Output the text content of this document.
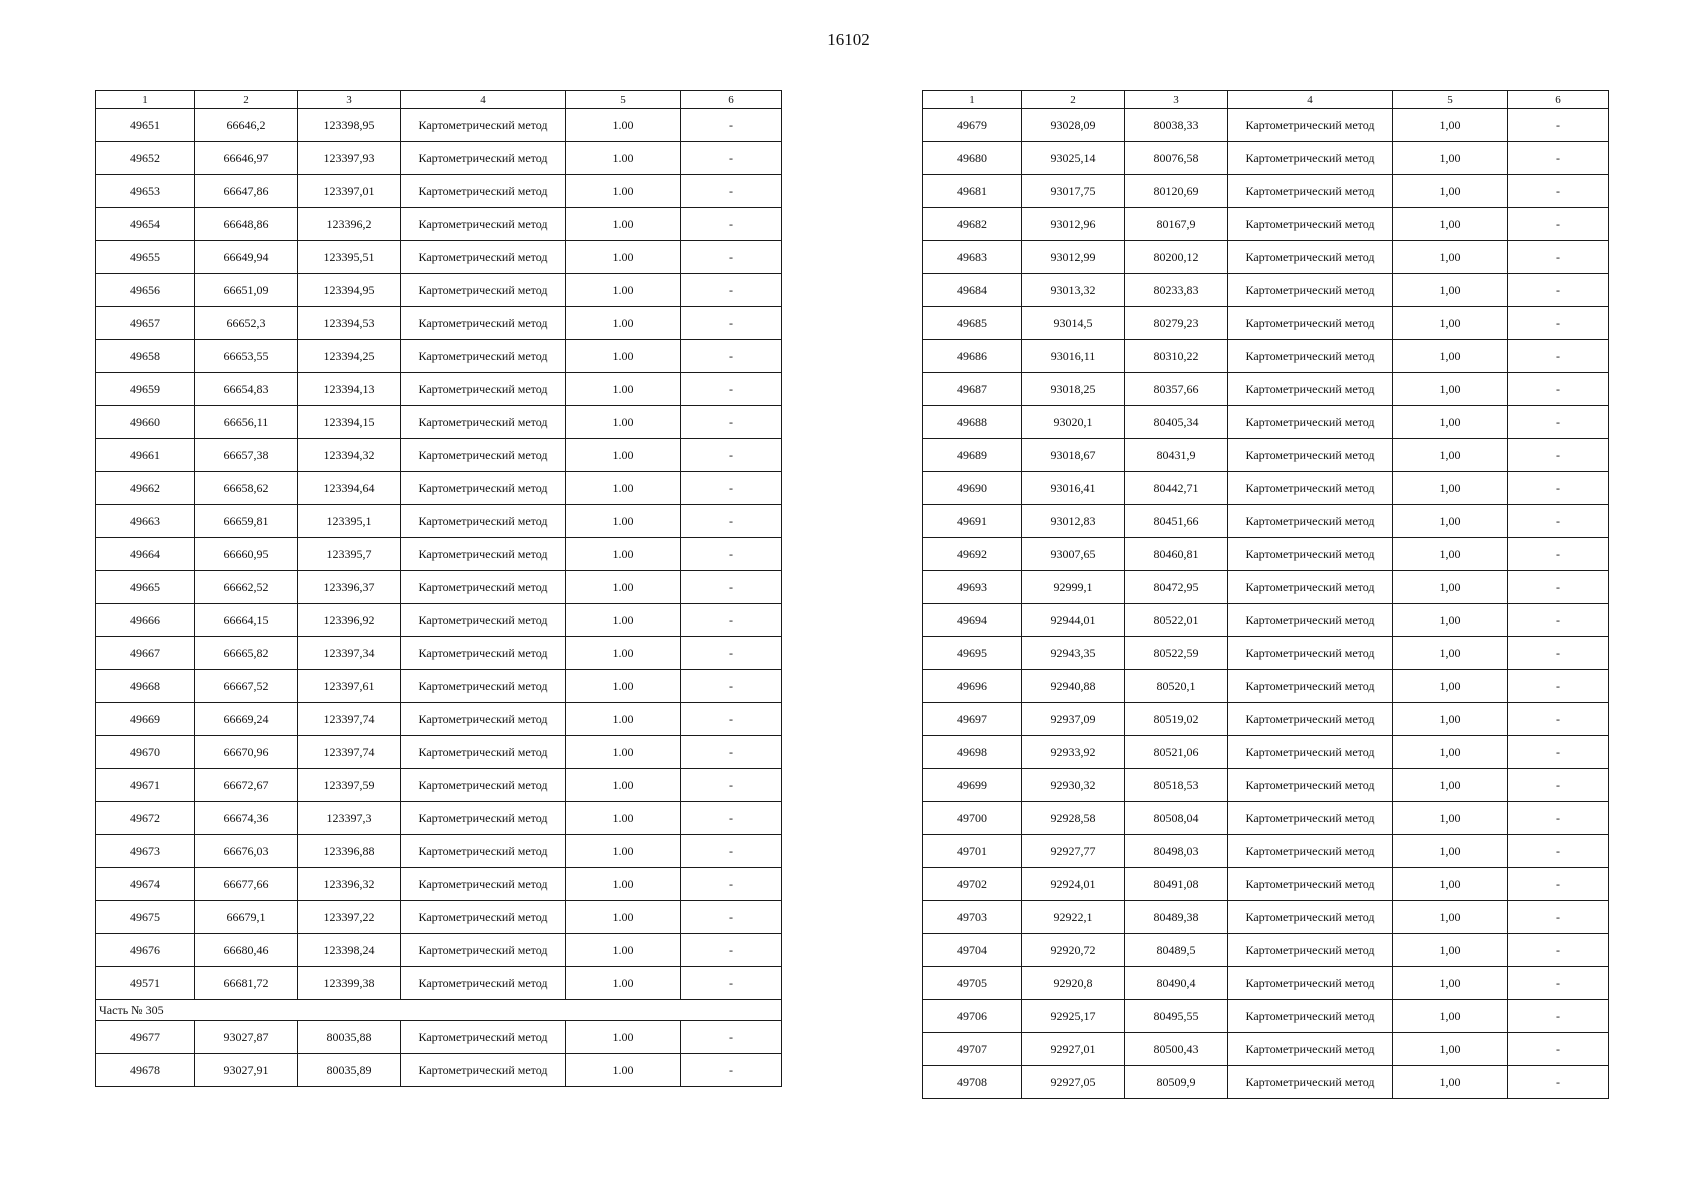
16102
1	2	3	4	5	6
49651	66646,2	123398,95	Картометрический метод	1.00	-
49652	66646,97	123397,93	Картометрический метод	1.00	-
49653	66647,86	123397,01	Картометрический метод	1.00	-
49654	66648,86	123396,2	Картометрический метод	1.00	-
49655	66649,94	123395,51	Картометрический метод	1.00	-
49656	66651,09	123394,95	Картометрический метод	1.00	-
49657	66652,3	123394,53	Картометрический метод	1.00	-
49658	66653,55	123394,25	Картометрический метод	1.00	-
49659	66654,83	123394,13	Картометрический метод	1.00	-
49660	66656,11	123394,15	Картометрический метод	1.00	-
49661	66657,38	123394,32	Картометрический метод	1.00	-
49662	66658,62	123394,64	Картометрический метод	1.00	-
49663	66659,81	123395,1	Картометрический метод	1.00	-
49664	66660,95	123395,7	Картометрический метод	1.00	-
49665	66662,52	123396,37	Картометрический метод	1.00	-
49666	66664,15	123396,92	Картометрический метод	1.00	-
49667	66665,82	123397,34	Картометрический метод	1.00	-
49668	66667,52	123397,61	Картометрический метод	1.00	-
49669	66669,24	123397,74	Картометрический метод	1.00	-
49670	66670,96	123397,74	Картометрический метод	1.00	-
49671	66672,67	123397,59	Картометрический метод	1.00	-
49672	66674,36	123397,3	Картометрический метод	1.00	-
49673	66676,03	123396,88	Картометрический метод	1.00	-
49674	66677,66	123396,32	Картометрический метод	1.00	-
49675	66679,1	123397,22	Картометрический метод	1.00	-
49676	66680,46	123398,24	Картометрический метод	1.00	-
49571	66681,72	123399,38	Картометрический метод	1.00	-
Часть № 305					
49677	93027,87	80035,88	Картометрический метод	1.00	-
49678	93027,91	80035,89	Картометрический метод	1.00	-
1	2	3	4	5	6
49679	93028,09	80038,33	Картометрический метод	1,00	-
49680	93025,14	80076,58	Картометрический метод	1,00	-
49681	93017,75	80120,69	Картометрический метод	1,00	-
49682	93012,96	80167,9	Картометрический метод	1,00	-
49683	93012,99	80200,12	Картометрический метод	1,00	-
49684	93013,32	80233,83	Картометрический метод	1,00	-
49685	93014,5	80279,23	Картометрический метод	1,00	-
49686	93016,11	80310,22	Картометрический метод	1,00	-
49687	93018,25	80357,66	Картометрический метод	1,00	-
49688	93020,1	80405,34	Картометрический метод	1,00	-
49689	93018,67	80431,9	Картометрический метод	1,00	-
49690	93016,41	80442,71	Картометрический метод	1,00	-
49691	93012,83	80451,66	Картометрический метод	1,00	-
49692	93007,65	80460,81	Картометрический метод	1,00	-
49693	92999,1	80472,95	Картометрический метод	1,00	-
49694	92944,01	80522,01	Картометрический метод	1,00	-
49695	92943,35	80522,59	Картометрический метод	1,00	-
49696	92940,88	80520,1	Картометрический метод	1,00	-
49697	92937,09	80519,02	Картометрический метод	1,00	-
49698	92933,92	80521,06	Картометрический метод	1,00	-
49699	92930,32	80518,53	Картометрический метод	1,00	-
49700	92928,58	80508,04	Картометрический метод	1,00	-
49701	92927,77	80498,03	Картометрический метод	1,00	-
49702	92924,01	80491,08	Картометрический метод	1,00	-
49703	92922,1	80489,38	Картометрический метод	1,00	-
49704	92920,72	80489,5	Картометрический метод	1,00	-
49705	92920,8	80490,4	Картометрический метод	1,00	-
49706	92925,17	80495,55	Картометрический метод	1,00	-
49707	92927,01	80500,43	Картометрический метод	1,00	-
49708	92927,05	80509,9	Картометрический метод	1,00	-
